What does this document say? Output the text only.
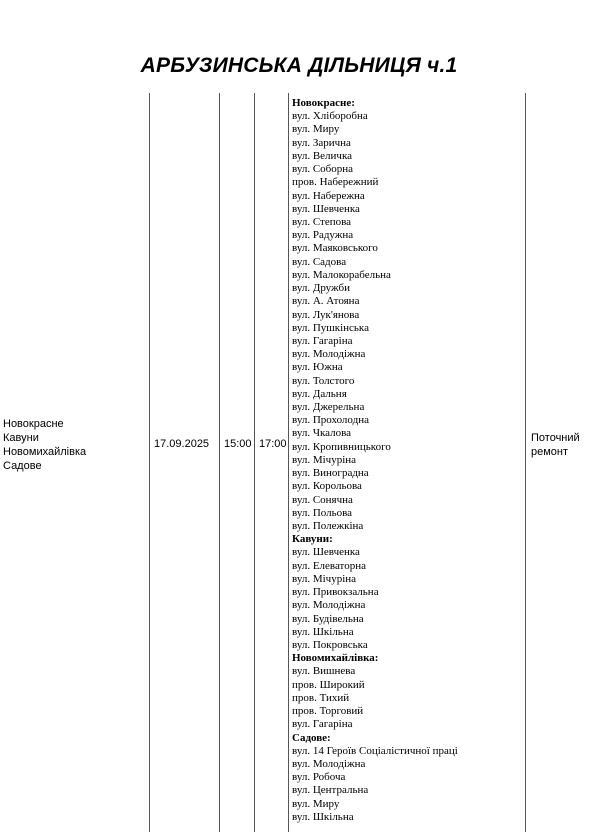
АРБУЗИНСЬКА ДІЛЬНИЦЯ ч.1
Новокрасне
Кавуни
Новомихайлівка
Садове
17.09.2025 15:00 17:00	Поточний ремонт
Новокрасне:
вул. Хліборобна
вул. Миру
вул. Зарична
вул. Величка
вул. Соборна
пров. Набережний
вул. Набережна
вул. Шевченка
вул. Степова
вул. Радужна
вул. Маяковського
вул. Садова
вул. Малокорабельна
вул. Дружби
вул. А. Атояна
вул. Лук'янова
вул. Пушкінська
вул. Гагаріна
вул. Молодіжна
вул. Южна
вул. Толстого
вул. Дальня
вул. Джерельна
вул. Прохолодна
вул. Чкалова
вул. Кропивницького
вул. Мічуріна
вул. Виноградна
вул. Корольова
вул. Сонячна
вул. Польова
вул. Полежкіна
Кавуни:
вул. Шевченка
вул. Елеваторна
вул. Мічуріна
вул. Привокзальна
вул. Молодіжна
вул. Будівельна
вул. Шкільна
вул. Покровська
Новомихайлівка:
вул. Вишнева
пров. Широкий
пров. Тихий
пров. Торговий
вул. Гагаріна
Садове:
вул. 14 Героїв Соціалістичної праці
вул. Молодіжна
вул. Робоча
вул. Центральна
вул. Миру
вул. Шкільна
